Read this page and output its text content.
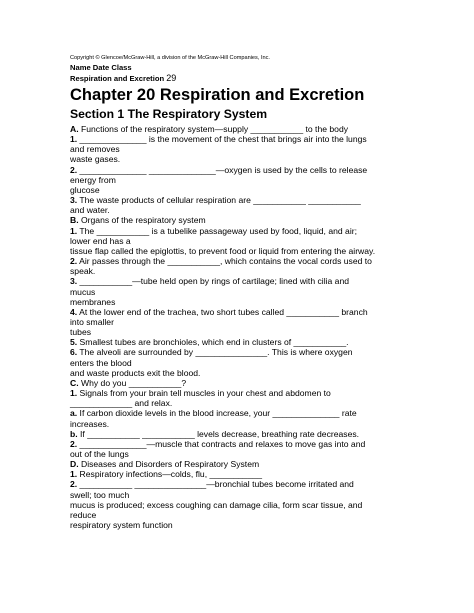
Copyright © Glencoe/McGraw-Hill, a division of the McGraw-Hill Companies, Inc.
Name Date Class
Respiration and Excretion 29
Chapter 20 Respiration and Excretion
Section 1 The Respiratory System
A. Functions of the respiratory system—supply ___________ to the body
1. ______________ is the movement of the chest that brings air into the lungs
and removes
waste gases.
2. ______________ ______________—oxygen is used by the cells to release
energy from
glucose
3. The waste products of cellular respiration are ___________ ___________
and water.
B. Organs of the respiratory system
1. The ___________ is a tubelike passageway used by food, liquid, and air;
lower end has a
tissue flap called the epiglottis, to prevent food or liquid from entering the airway.
2. Air passes through the ___________, which contains the vocal cords used to
speak.
3. ___________—tube held open by rings of cartilage; lined with cilia and
mucus
membranes
4. At the lower end of the trachea, two short tubes called ___________ branch
into smaller
tubes
5. Smallest tubes are bronchioles, which end in clusters of ___________.
6. The alveoli are surrounded by _______________. This is where oxygen
enters the blood
and waste products exit the blood.
C. Why do you ___________?
1. Signals from your brain tell muscles in your chest and abdomen to
_____________ and relax.
a. If carbon dioxide levels in the blood increase, your ______________ rate
increases.
b. If ___________ ___________ levels decrease, breathing rate decreases.
2. ______________—muscle that contracts and relaxes to move gas into and
out of the lungs
D. Diseases and Disorders of Respiratory System
1. Respiratory infections—colds, flu, ___________
2. ___________ _______________—bronchial tubes become irritated and
swell; too much
mucus is produced; excess coughing can damage cilia, form scar tissue, and
reduce
respiratory system function
